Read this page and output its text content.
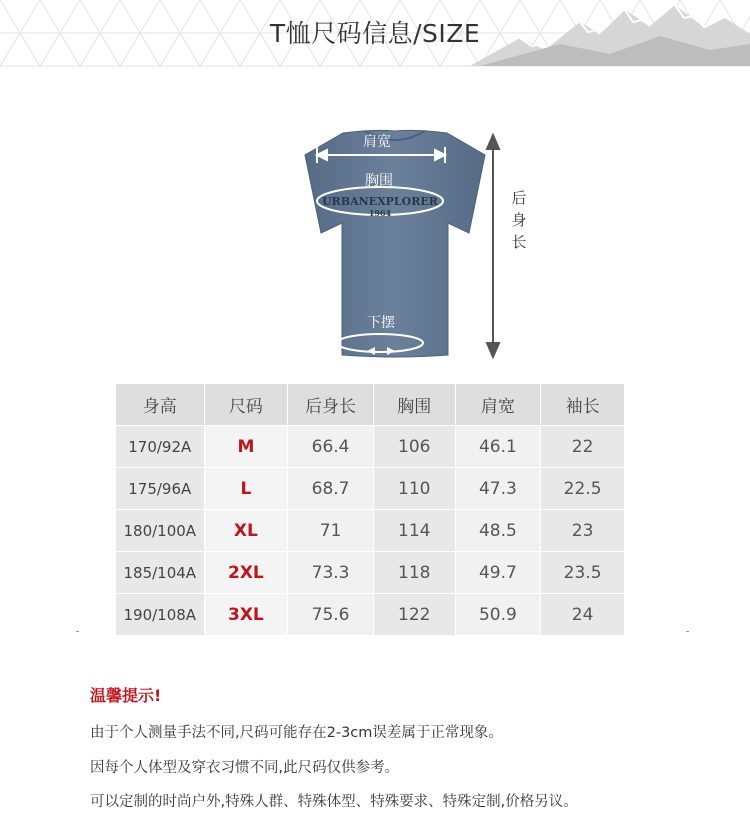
T恤尺码信息/SIZE
URBANEXPLORER
1964
肩宽
胸围
下摆
后
身
长
身高	尺码	后身长	胸围	肩宽	袖长
170/92A	M	66.4	106	46.1	22
175/96A	L	68.7	110	47.3	22.5
180/100A	XL	71	114	48.5	23
185/104A	2XL	73.3	118	49.7	23.5
190/108A	3XL	75.6	122	50.9	24
温馨提示!
由于个人测量手法不同,尺码可能存在2-3cm误差属于正常现象。
因每个人体型及穿衣习惯不同,此尺码仅供参考。
可以定制的时尚户外,特殊人群、特殊体型、特殊要求、特殊定制,价格另议。
